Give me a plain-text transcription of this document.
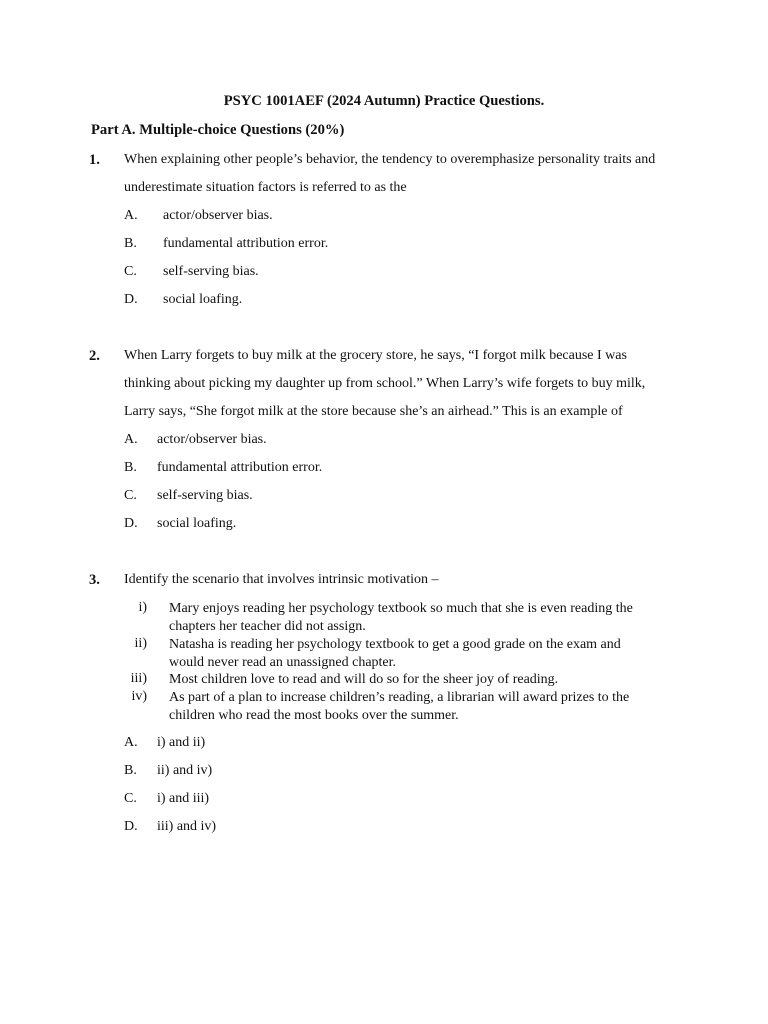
PSYC 1001AEF (2024 Autumn) Practice Questions.
Part A. Multiple-choice Questions (20%)
1. When explaining other people’s behavior, the tendency to overemphasize personality traits and
underestimate situation factors is referred to as the
A. actor/observer bias.
B. fundamental attribution error.
C. self-serving bias.
D. social loafing.
2. When Larry forgets to buy milk at the grocery store, he says, “I forgot milk because I was
thinking about picking my daughter up from school.” When Larry’s wife forgets to buy milk,
Larry says, “She forgot milk at the store because she’s an airhead.” This is an example of
A. actor/observer bias.
B. fundamental attribution error.
C. self-serving bias.
D. social loafing.
3. Identify the scenario that involves intrinsic motivation –
i) Mary enjoys reading her psychology textbook so much that she is even reading the chapters her teacher did not assign.
ii) Natasha is reading her psychology textbook to get a good grade on the exam and would never read an unassigned chapter.
iii) Most children love to read and will do so for the sheer joy of reading.
iv) As part of a plan to increase children’s reading, a librarian will award prizes to the children who read the most books over the summer.
A. i) and ii)
B. ii) and iv)
C. i) and iii)
D. iii) and iv)
